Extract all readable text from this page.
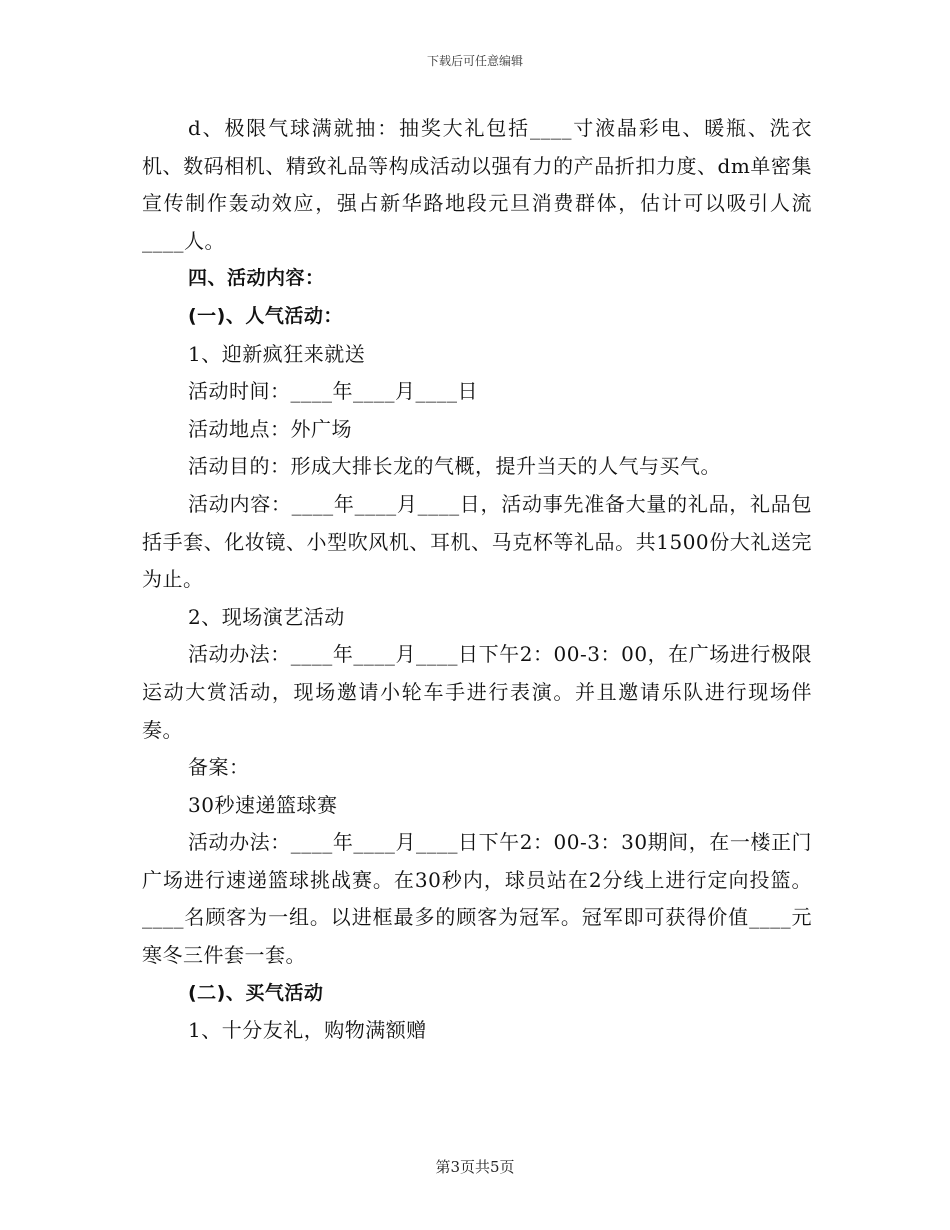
下载后可任意编辑

d、极限气球满就抽：抽奖大礼包括____寸液晶彩电、暖瓶、洗衣机、数码相机、精致礼品等构成活动以强有力的产品折扣力度、dm单密集宣传制作轰动效应，强占新华路地段元旦消费群体，估计可以吸引人流____人。

四、活动内容：

(一)、人气活动：

1、迎新疯狂来就送

活动时间：____年____月____日

活动地点：外广场

活动目的：形成大排长龙的气概，提升当天的人气与买气。

活动内容：____年____月____日，活动事先准备大量的礼品，礼品包括手套、化妆镜、小型吹风机、耳机、马克杯等礼品。共1500份大礼送完为止。

2、现场演艺活动

活动办法：____年____月____日下午2：00-3：00，在广场进行极限运动大赏活动，现场邀请小轮车手进行表演。并且邀请乐队进行现场伴奏。

备案：

30秒速递篮球赛

活动办法：____年____月____日下午2：00-3：30期间，在一楼正门广场进行速递篮球挑战赛。在30秒内，球员站在2分线上进行定向投篮。____名顾客为一组。以进框最多的顾客为冠军。冠军即可获得价值____元寒冬三件套一套。

(二)、买气活动

1、十分友礼，购物满额赠

第3页共5页
